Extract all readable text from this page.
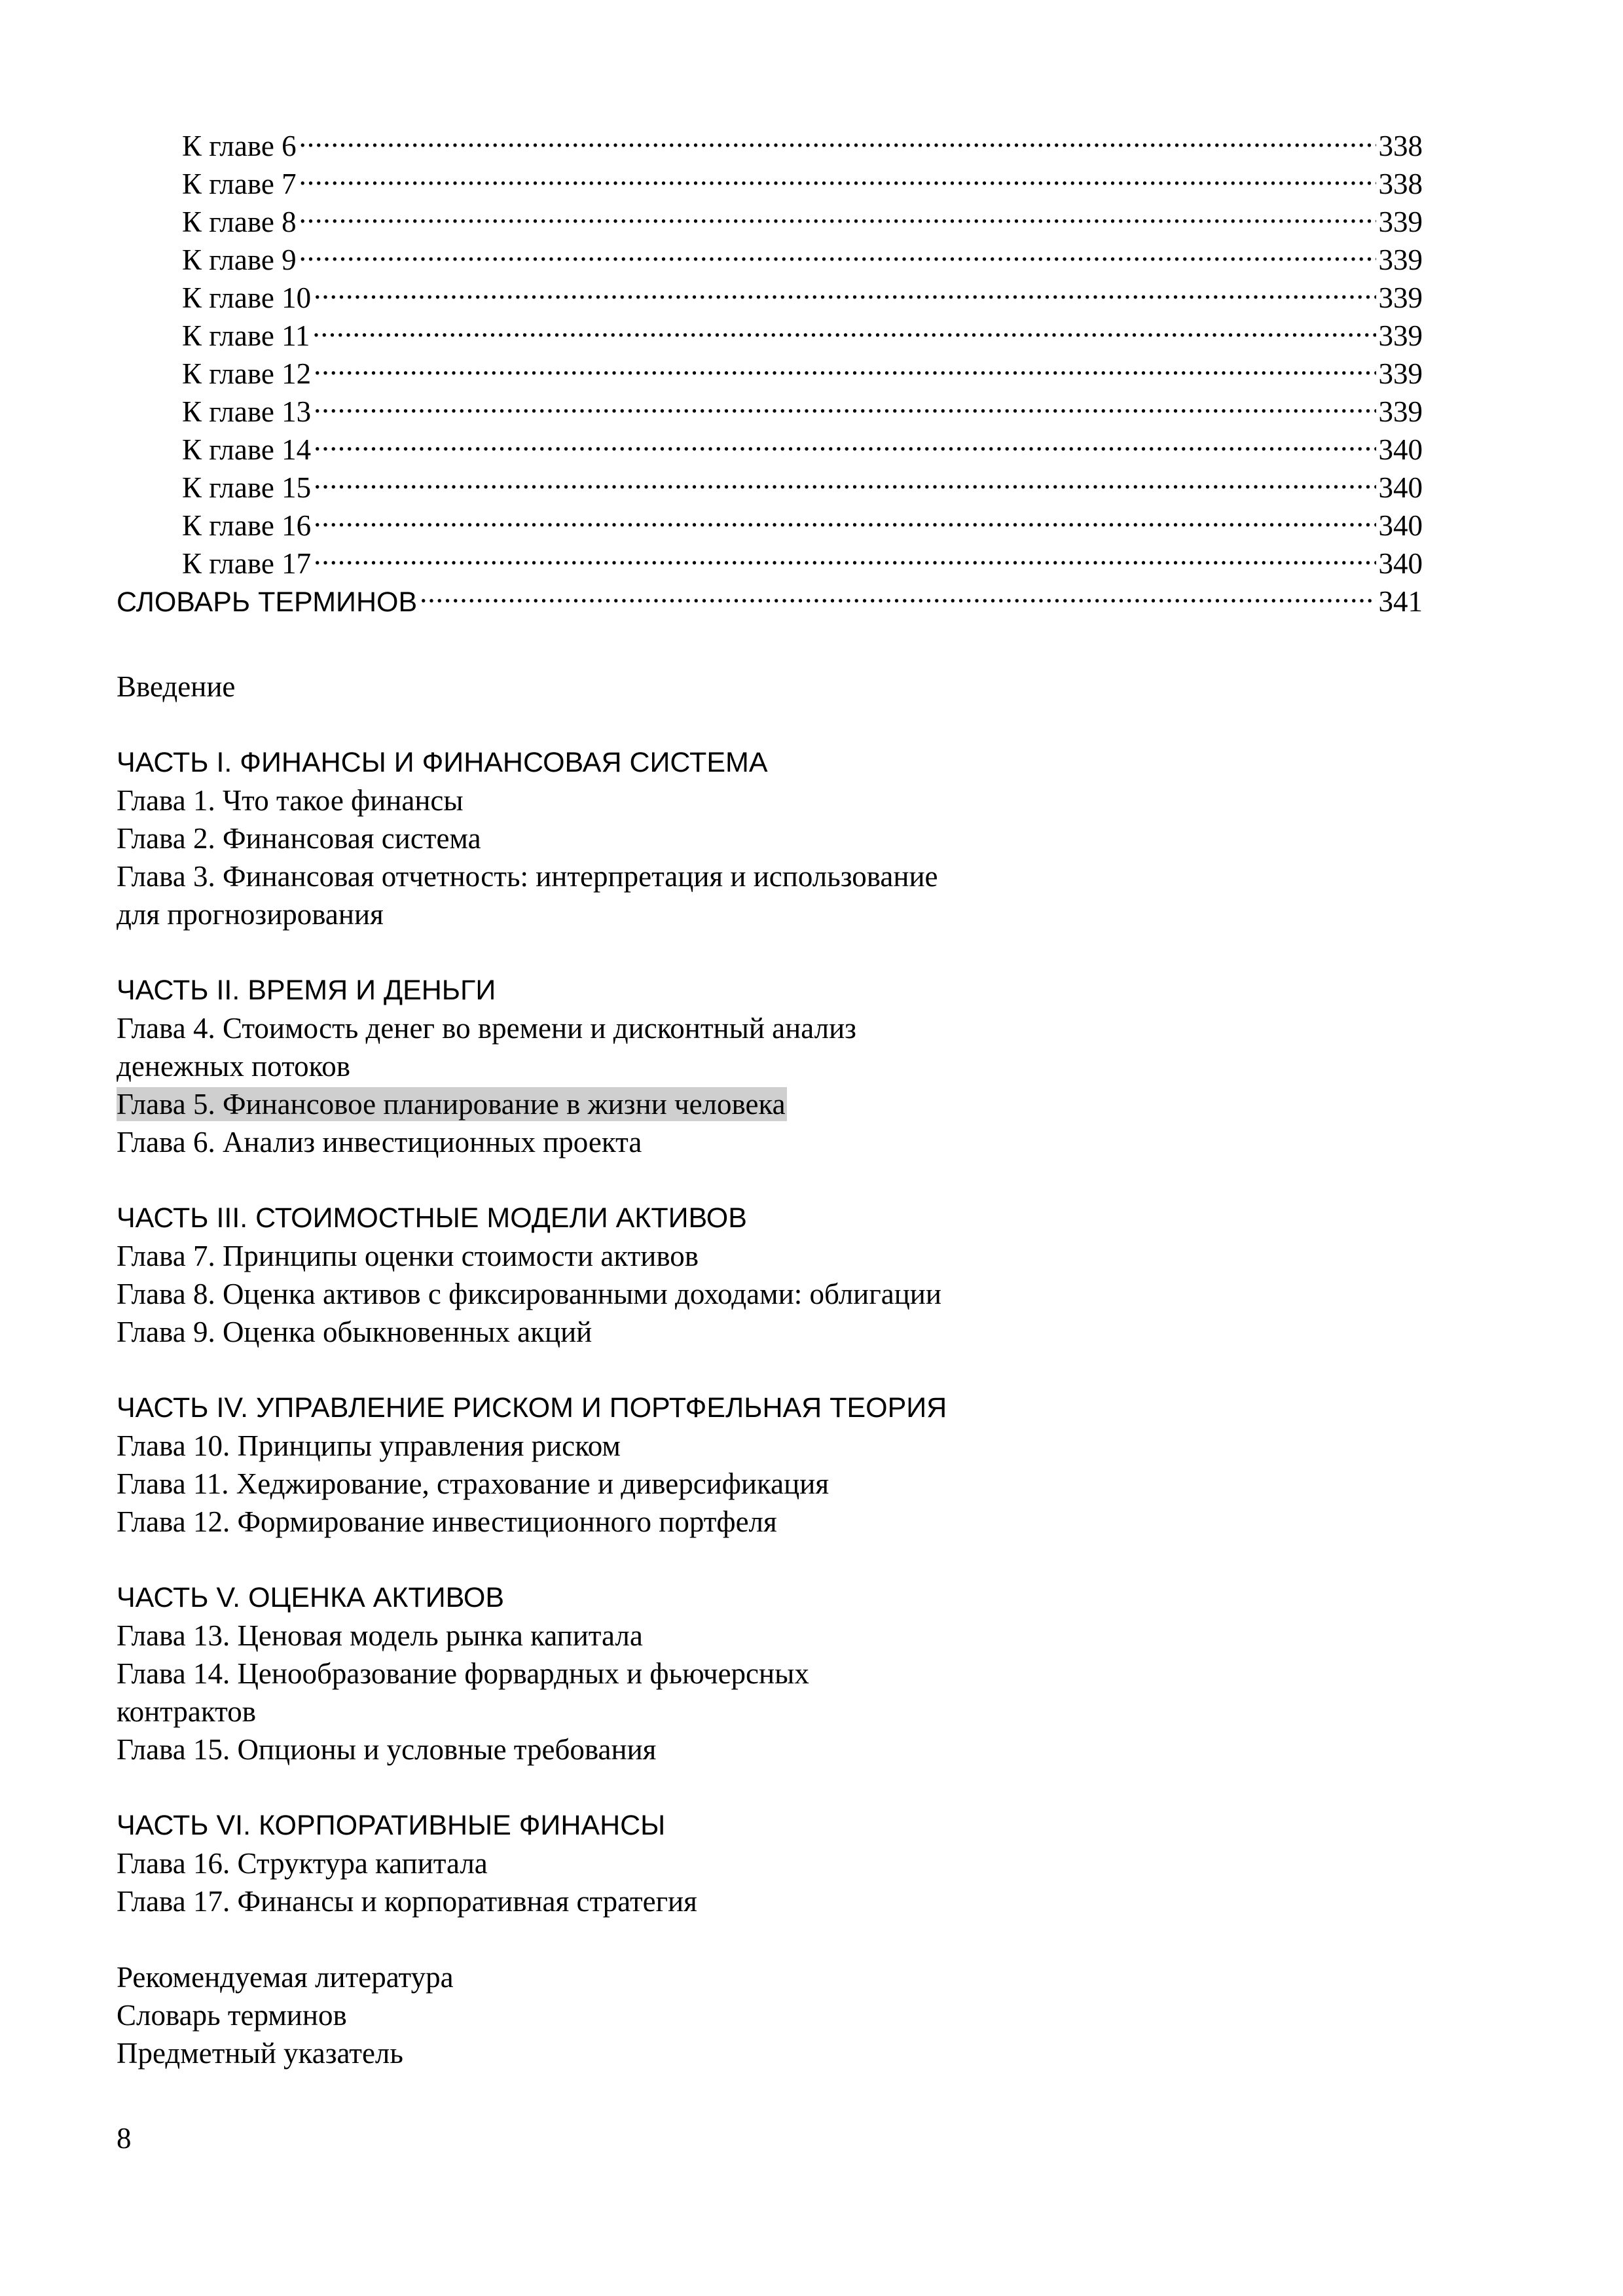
К главе 6 .....	338
К главе 7 .....	338
К главе 8 .....	339
К главе 9 .....	339
К главе 10 .....	339
К главе 11 .....	339
К главе 12 .....	339
К главе 13 .....	339
К главе 14 .....	340
К главе 15 .....	340
К главе 16 .....	340
К главе 17 .....	340
СЛОВАРЬ ТЕРМИНОВ .....	341
Введение
ЧАСТЬ I. ФИНАНСЫ И ФИНАНСОВАЯ СИСТЕМА
Глава 1. Что такое финансы
Глава 2. Финансовая система
Глава 3. Финансовая отчетность: интерпретация и использование
для прогнозирования
ЧАСТЬ II. ВРЕМЯ И ДЕНЬГИ
Глава 4. Стоимость денег во времени и дисконтный анализ
денежных потоков
Глава 5. Финансовое планирование в жизни человека
Глава 6. Анализ инвестиционных проекта
ЧАСТЬ III. СТОИМОСТНЫЕ МОДЕЛИ АКТИВОВ
Глава 7. Принципы оценки стоимости активов
Глава 8. Оценка активов с фиксированными доходами: облигации
Глава 9. Оценка обыкновенных акций
ЧАСТЬ IV. УПРАВЛЕНИЕ РИСКОМ И ПОРТФЕЛЬНАЯ ТЕОРИЯ
Глава 10. Принципы управления риском
Глава 11. Хеджирование, страхование и диверсификация
Глава 12. Формирование инвестиционного портфеля
ЧАСТЬ V. ОЦЕНКА АКТИВОВ
Глава 13. Ценовая модель рынка капитала
Глава 14. Ценообразование форвардных и фьючерсных
контрактов
Глава 15. Опционы и условные требования
ЧАСТЬ VI. КОРПОРАТИВНЫЕ ФИНАНСЫ
Глава 16. Структура капитала
Глава 17. Финансы и корпоративная стратегия
Рекомендуемая литература
Словарь терминов
Предметный указатель
8
